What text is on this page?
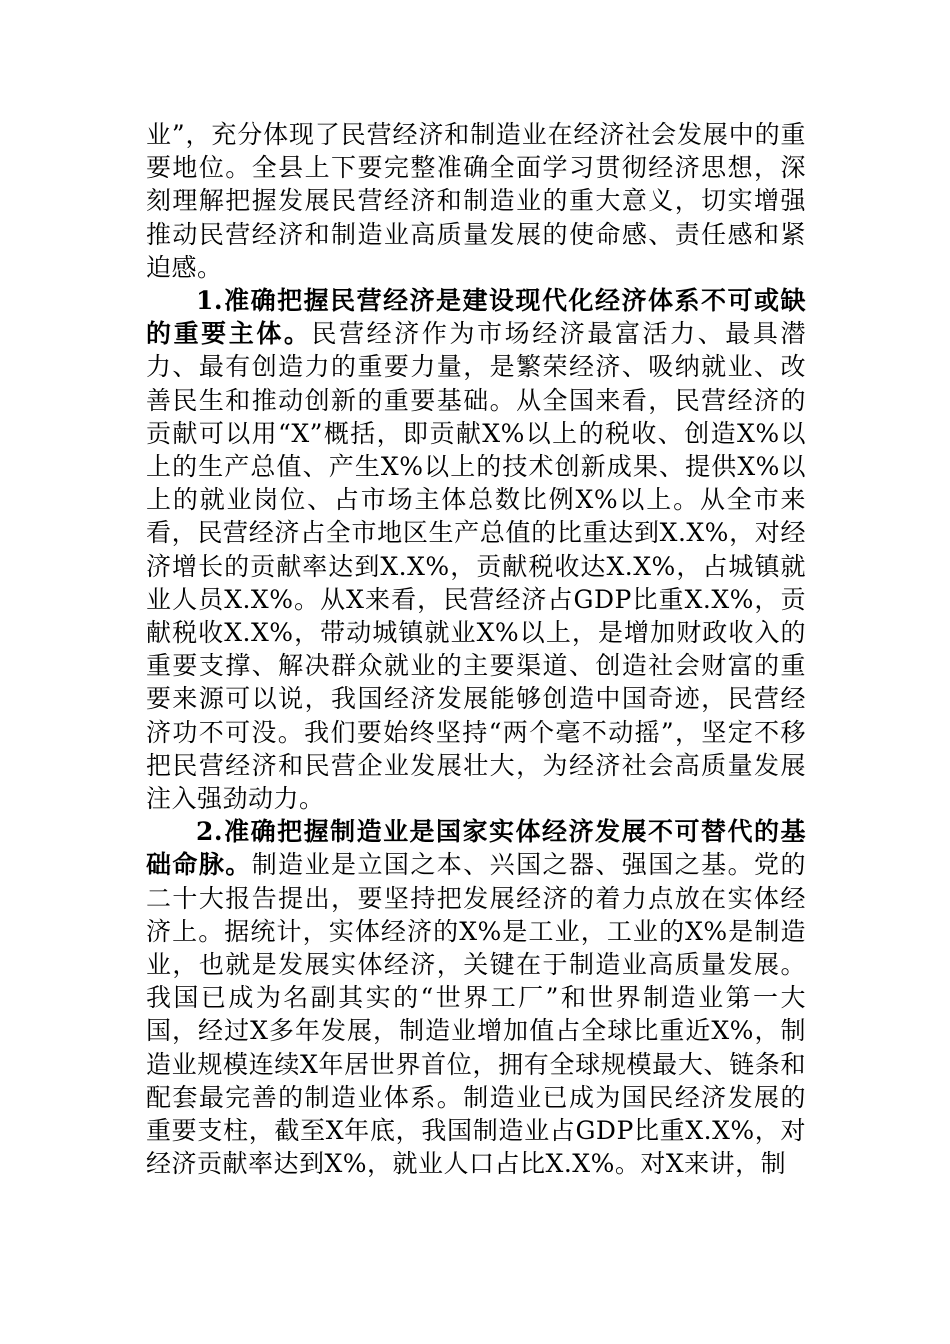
业”，充分体现了民营经济和制造业在经济社会发展中的重要地位。全县上下要完整准确全面学习贯彻经济思想，深刻理解把握发展民营经济和制造业的重大意义，切实增强推动民营经济和制造业高质量发展的使命感、责任感和紧迫感。

1.准确把握民营经济是建设现代化经济体系不可或缺的重要主体。民营经济作为市场经济最富活力、最具潜力、最有创造力的重要力量，是繁荣经济、吸纳就业、改善民生和推动创新的重要基础。从全国来看，民营经济的贡献可以用“X”概括，即贡献X%以上的税收、创造X%以上的生产总值、产生X%以上的技术创新成果、提供X%以上的就业岗位、占市场主体总数比例X%以上。从全市来看，民营经济占全市地区生产总值的比重达到X.X%，对经济增长的贡献率达到X.X%，贡献税收达X.X%，占城镇就业人员X.X%。从X来看，民营经济占GDP比重X.X%，贡献税收X.X%，带动城镇就业X%以上，是增加财政收入的重要支撑、解决群众就业的主要渠道、创造社会财富的重要来源可以说，我国经济发展能够创造中国奇迹，民营经济功不可没。我们要始终坚持“两个毫不动摇”，坚定不移把民营经济和民营企业发展壮大，为经济社会高质量发展注入强劲动力。

2.准确把握制造业是国家实体经济发展不可替代的基础命脉。制造业是立国之本、兴国之器、强国之基。党的二十大报告提出，要坚持把发展经济的着力点放在实体经济上。据统计，实体经济的X%是工业，工业的X%是制造业，也就是发展实体经济，关键在于制造业高质量发展。我国已成为名副其实的“世界工厂”和世界制造业第一大国，经过X多年发展，制造业增加值占全球比重近X%，制造业规模连续X年居世界首位，拥有全球规模最大、链条和配套最完善的制造业体系。制造业已成为国民经济发展的重要支柱，截至X年底，我国制造业占GDP比重X.X%，对经济贡献率达到X%，就业人口占比X.X%。对X来讲，制
